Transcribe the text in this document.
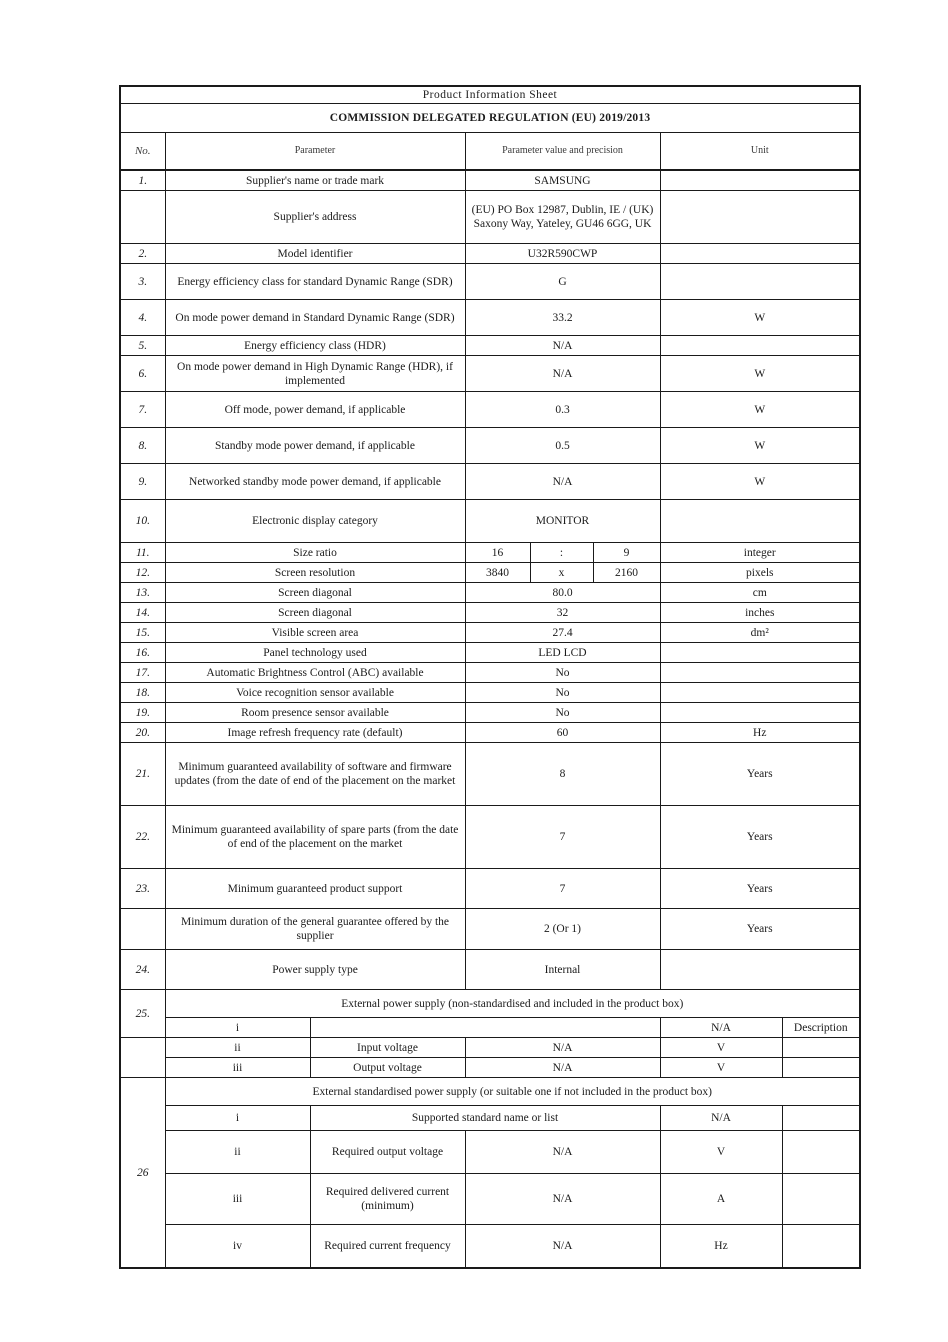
Product Information Sheet							
COMMISSION DELEGATED REGULATION (EU) 2019/2013							
No.	Parameter		Parameter value and precision			Unit	
1.	Supplier's name or trade mark		SAMSUNG				
	Supplier's address		(EU) PO Box 12987, Dublin, IE / (UK) Saxony Way, Yateley, GU46 6GG, UK				
2.	Model identifier		U32R590CWP				
3.	Energy efficiency class for standard Dynamic Range (SDR)		G				
4.	On mode power demand in Standard Dynamic Range (SDR)		33.2			W	
5.	Energy efficiency class (HDR)		N/A				
6.	On mode power demand in High Dynamic Range (HDR), if implemented		N/A			W	
7.	Off mode, power demand, if applicable		0.3			W	
8.	Standby mode power demand, if applicable		0.5			W	
9.	Networked standby mode power demand, if applicable		N/A			W	
10.	Electronic display category		MONITOR				
11.	Size ratio		16	:	9	integer	
12.	Screen resolution		3840	x	2160	pixels	
13.	Screen diagonal		80.0			cm	
14.	Screen diagonal		32			inches	
15.	Visible screen area		27.4			dm²	
16.	Panel technology used		LED LCD				
17.	Automatic Brightness Control (ABC) available		No				
18.	Voice recognition sensor available		No				
19.	Room presence sensor available		No				
20.	Image refresh frequency rate (default)		60			Hz	
21.	Minimum guaranteed availability of software and firmware updates (from the date of end of the placement on the market		8			Years	
22.	Minimum guaranteed availability of spare parts (from the date of end of the placement on the market		7			Years	
23.	Minimum guaranteed product support		7			Years	
	Minimum duration of the general guarantee offered by the supplier		2 (Or 1)			Years	
24.	Power supply type		Internal				
25.	External power supply (non-standardised and included in the product box)						
	i					N/A	Description
	ii	Input voltage	N/A			V	
	iii	Output voltage	N/A			V	
26	External standardised power supply (or suitable one if not included in the product box)						
	i	Supported standard name or list				N/A	
	ii	Required output voltage	N/A			V	
	iii	Required delivered current (minimum)	N/A			A	
	iv	Required current frequency	N/A			Hz	
